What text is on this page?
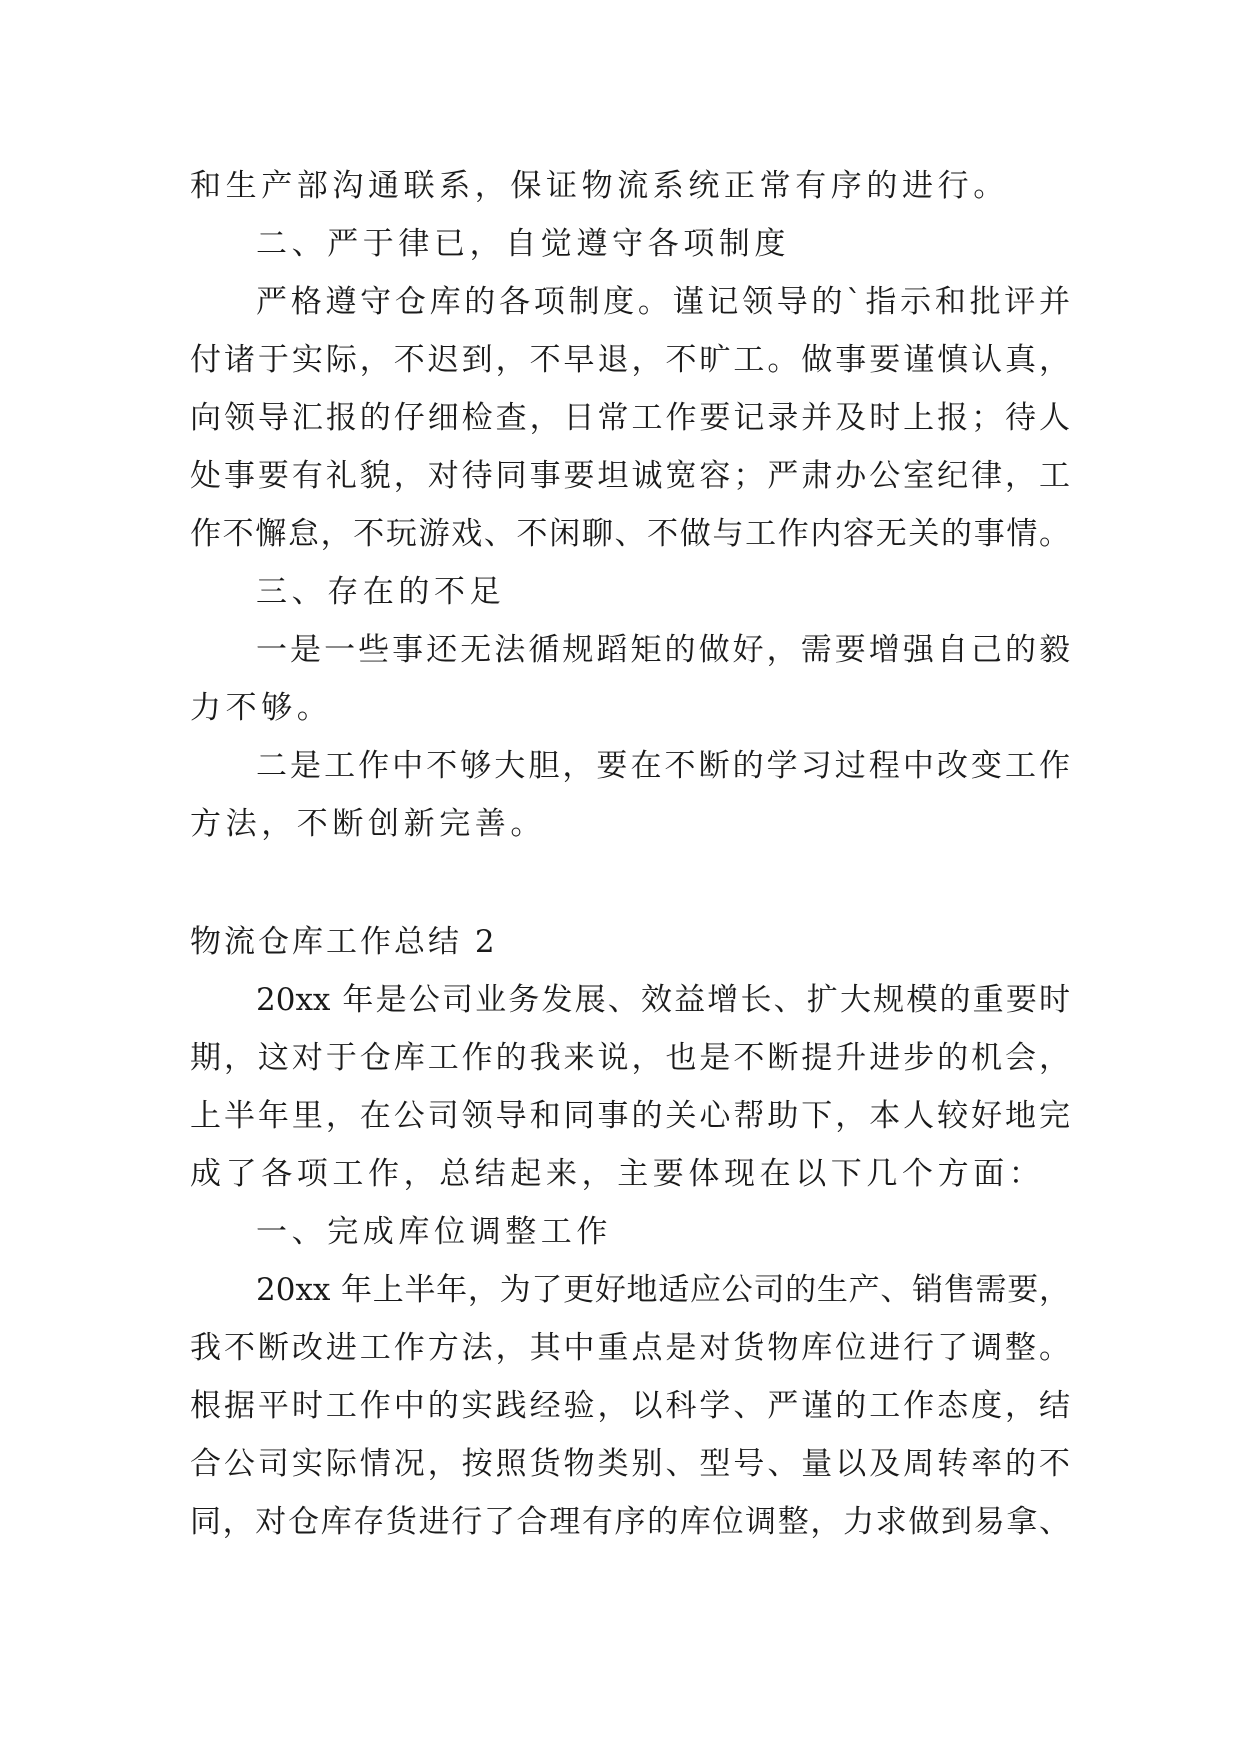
和生产部沟通联系，保证物流系统正常有序的进行。
二、严于律已，自觉遵守各项制度
严格遵守仓库的各项制度。谨记领导的`指示和批评并
付诸于实际，不迟到，不早退，不旷工。做事要谨慎认真，
向领导汇报的仔细检查，日常工作要记录并及时上报；待人
处事要有礼貌，对待同事要坦诚宽容；严肃办公室纪律，工
作不懈怠，不玩游戏、不闲聊、不做与工作内容无关的事情。
三、存在的不足
一是一些事还无法循规蹈矩的做好，需要增强自己的毅
力不够。
二是工作中不够大胆，要在不断的学习过程中改变工作
方法，不断创新完善。
物流仓库工作总结 2
20xx 年是公司业务发展、效益增长、扩大规模的重要时
期，这对于仓库工作的我来说，也是不断提升进步的机会，
上半年里，在公司领导和同事的关心帮助下，本人较好地完
成了各项工作，总结起来，主要体现在以下几个方面：
一、完成库位调整工作
20xx 年上半年，为了更好地适应公司的生产、销售需要，
我不断改进工作方法，其中重点是对货物库位进行了调整。
根据平时工作中的实践经验，以科学、严谨的工作态度，结
合公司实际情况，按照货物类别、型号、量以及周转率的不
同，对仓库存货进行了合理有序的库位调整，力求做到易拿、
